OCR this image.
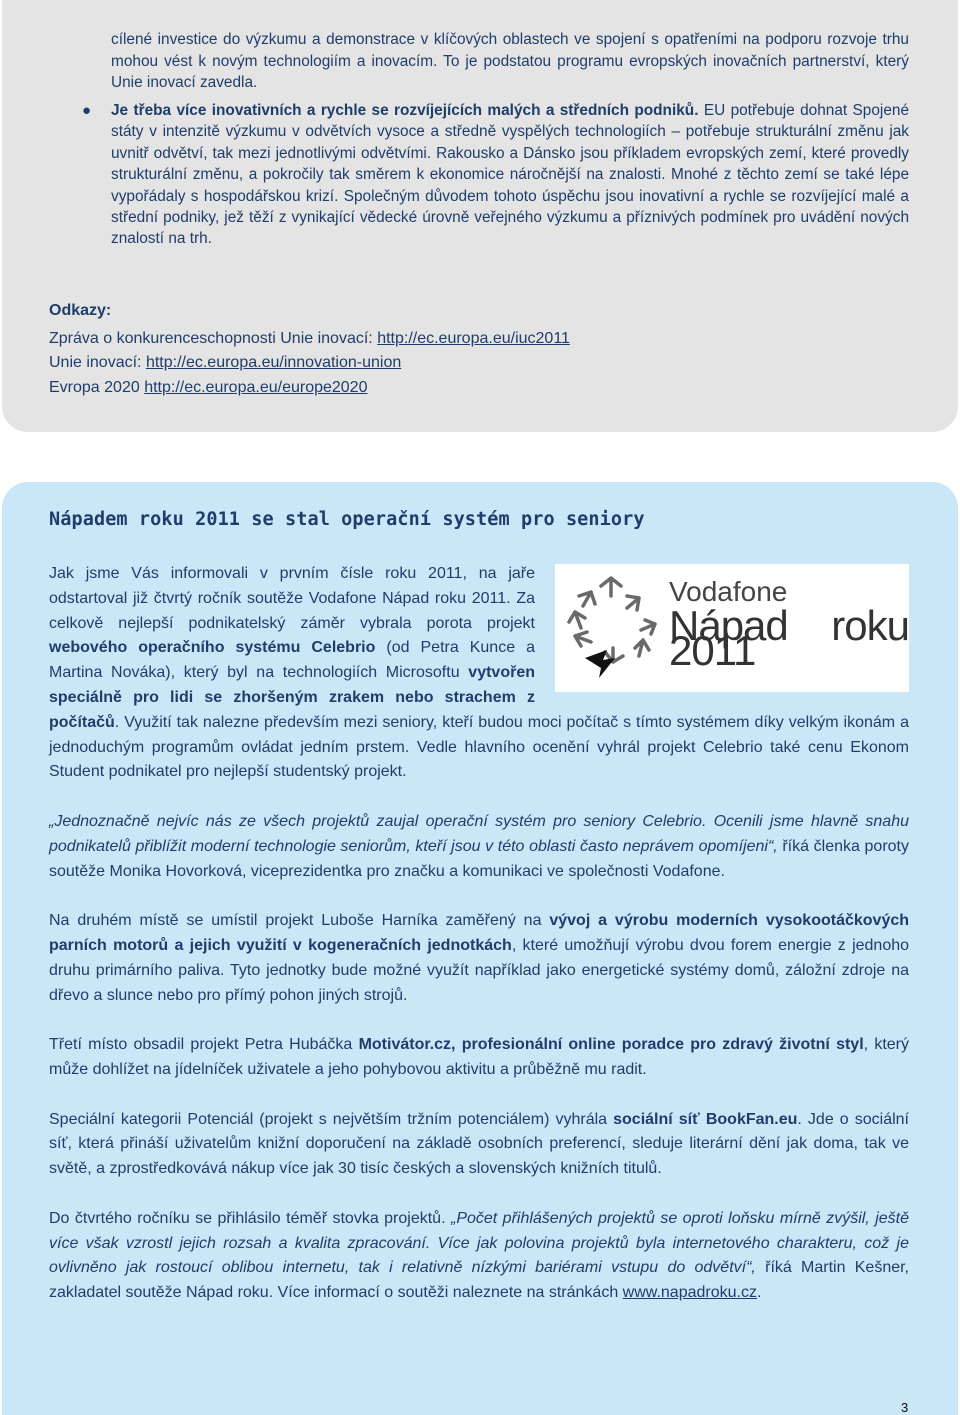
cílené investice do výzkumu a demonstrace v klíčových oblastech ve spojení s opatřeními na podporu rozvoje trhu mohou vést k novým technologiím a inovacím. To je podstatou programu evropských inovačních partnerství, který Unie inovací zavedla.

● Je třeba více inovativních a rychle se rozvíjejících malých a středních podniků. EU potřebuje dohnat Spojené státy v intenzitě výzkumu v odvětvích vysoce a středně vyspělých technologiích – potřebuje strukturální změnu jak uvnitř odvětví, tak mezi jednotlivými odvětvími. Rakousko a Dánsko jsou příkladem evropských zemí, které provedly strukturální změnu, a pokročily tak směrem k ekonomice náročnější na znalosti. Mnohé z těchto zemí se také lépe vypořádaly s hospodářskou krizí. Společným důvodem tohoto úspěchu jsou inovativní a rychle se rozvíjející malé a střední podniky, jež těží z vynikající vědecké úrovně veřejného výzkumu a příznivých podmínek pro uvádění nových znalostí na trh.
Odkazy:
Zpráva o konkurenceschopnosti Unie inovací: http://ec.europa.eu/iuc2011
Unie inovací: http://ec.europa.eu/innovation-union
Evropa 2020 http://ec.europa.eu/europe2020
Nápadem roku 2011 se stal operační systém pro seniory

Vodafone
Nápad roku 2011
Jak jsme Vás informovali v prvním čísle roku 2011, na jaře odstartoval již čtvrtý ročník soutěže Vodafone Nápad roku 2011. Za celkově nejlepší podnikatelský záměr vybrala porota projekt webového operačního systému Celebrio (od Petra Kunce a Martina Nováka), který byl na technologiích Microsoftu vytvořen speciálně pro lidi se zhoršeným zrakem nebo strachem z počítačů. Využití tak nalezne především mezi seniory, kteří budou moci počítač s tímto systémem díky velkým ikonám a jednoduchým programům ovládat jedním prstem. Vedle hlavního ocenění vyhrál projekt Celebrio také cenu Ekonom Student podnikatel pro nejlepší studentský projekt.

„Jednoznačně nejvíc nás ze všech projektů zaujal operační systém pro seniory Celebrio. Ocenili jsme hlavně snahu podnikatelů přiblížit moderní technologie seniorům, kteří jsou v této oblasti často neprávem opomíjeni“, říká členka poroty soutěže Monika Hovorková, viceprezidentka pro značku a komunikaci ve společnosti Vodafone.

Na druhém místě se umístil projekt Luboše Harníka zaměřený na vývoj a výrobu moderních vysokootáčkových parních motorů a jejich využití v kogeneračních jednotkách, které umožňují výrobu dvou forem energie z jednoho druhu primárního paliva. Tyto jednotky bude možné využít například jako energetické systémy domů, záložní zdroje na dřevo a slunce nebo pro přímý pohon jiných strojů.

Třetí místo obsadil projekt Petra Hubáčka Motivátor.cz, profesionální online poradce pro zdravý životní styl, který může dohlížet na jídelníček uživatele a jeho pohybovou aktivitu a průběžně mu radit.

Speciální kategorii Potenciál (projekt s největším tržním potenciálem) vyhrála sociální síť BookFan.eu. Jde o sociální síť, která přináší uživatelům knižní doporučení na základě osobních preferencí, sleduje literární dění jak doma, tak ve světě, a zprostředkovává nákup více jak 30 tisíc českých a slovenských knižních titulů.

Do čtvrtého ročníku se přihlásilo téměř stovka projektů. „Počet přihlášených projektů se oproti loňsku mírně zvýšil, ještě více však vzrostl jejich rozsah a kvalita zpracování. Více jak polovina projektů byla internetového charakteru, což je ovlivněno jak rostoucí oblibou internetu, tak i relativně nízkými bariérami vstupu do odvětví“, říká Martin Kešner, zakladatel soutěže Nápad roku. Více informací o soutěži naleznete na stránkách www.napadroku.cz.

3
